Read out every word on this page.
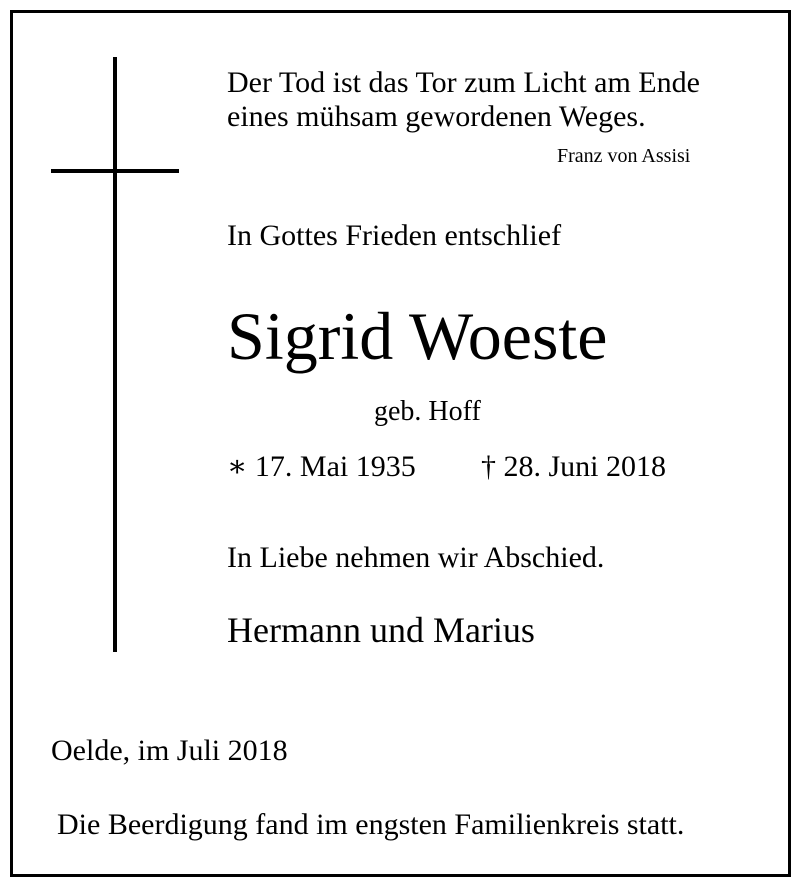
Der Tod ist das Tor zum Licht am Ende

eines mühsam gewordenen Weges.

Franz von Assisi

In Gottes Frieden entschlief

Sigrid Woeste

geb. Hoff

∗ 17. Mai 1935 † 28. Juni 2018

In Liebe nehmen wir Abschied.

Hermann und Marius

Oelde, im Juli 2018

Die Beerdigung fand im engsten Familienkreis statt.
